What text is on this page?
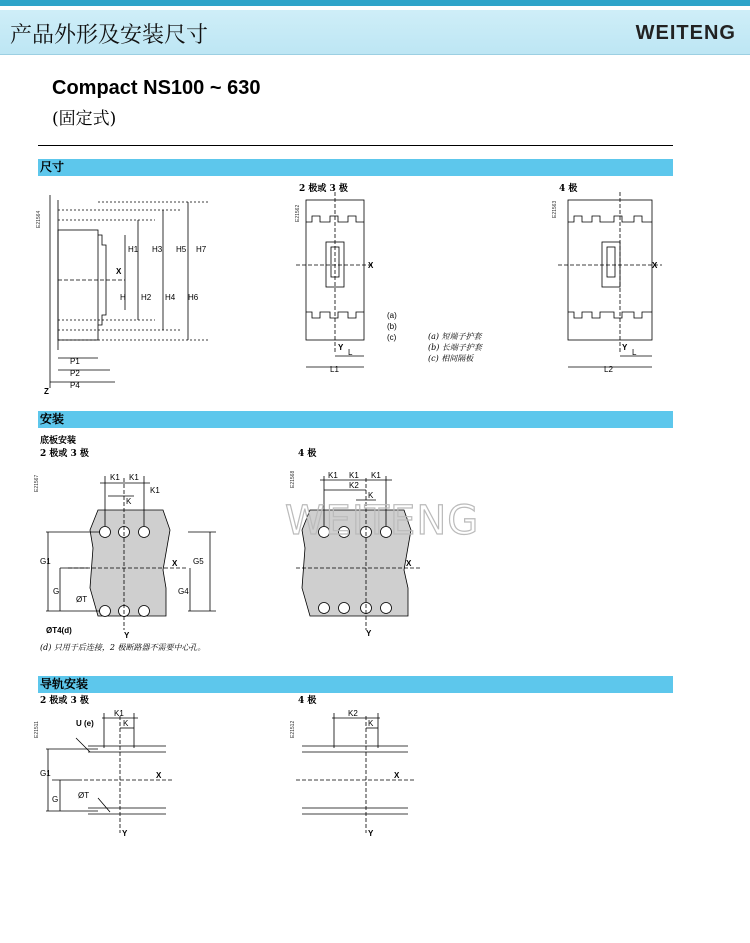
产品外形及安装尺寸	WEITENG
Compact NS100 ~ 630
(固定式)
尺寸
2 极或 3 极	4 极
E21564	E21562	E21563
H1 H3 H5 H7
H H2 H4 H6
X
P1
P2
P4
Z
X
Y
L
L1
(a)
(b)
(c)	(a) 短端子护套
(b) 长端子护套
(c) 相间隔板
X
Y
L
L2
安装
底板安装
2 极或 3 极	4 极
E21567	E21568
K1 K1
K
K1
G1	G5
G	G4
X
ØT
Y
ØT4(d)
K1 K1 K1
K2
K
X
Y
WEITENG
(d) 只用于后连接，2 极断路器不需要中心孔。
导轨安装
2 极或 3 极	4 极
E21511	E21512
U (e)
K1
K
G1
G
X
ØT
Y
K2
K
X
Y
